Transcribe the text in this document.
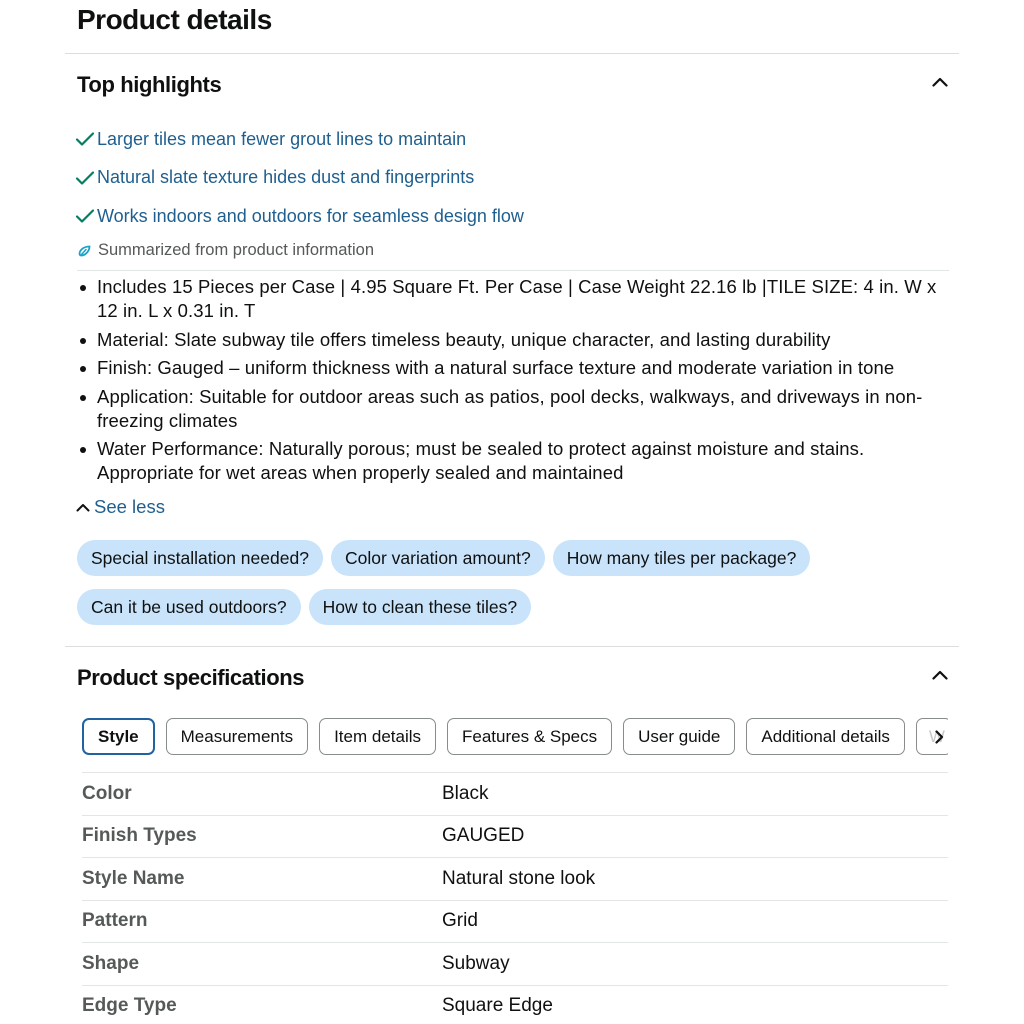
Product details
Top highlights
Larger tiles mean fewer grout lines to maintain
Natural slate texture hides dust and fingerprints
Works indoors and outdoors for seamless design flow
Summarized from product information
Includes 15 Pieces per Case | 4.95 Square Ft. Per Case | Case Weight 22.16 lb |TILE SIZE: 4 in. W x 12 in. L x 0.31 in. T
Material: Slate subway tile offers timeless beauty, unique character, and lasting durability
Finish: Gauged – uniform thickness with a natural surface texture and moderate variation in tone
Application: Suitable for outdoor areas such as patios, pool decks, walkways, and driveways in non-freezing climates
Water Performance: Naturally porous; must be sealed to protect against moisture and stains. Appropriate for wet areas when properly sealed and maintained
See less
Special installation needed?	Color variation amount?	How many tiles per package?
Can it be used outdoors?	How to clean these tiles?
Product specifications
Style	Measurements	Item details	Features & Specs	User guide	Additional details	W
Color	Black
Finish Types	GAUGED
Style Name	Natural stone look
Pattern	Grid
Shape	Subway
Edge Type	Square Edge
